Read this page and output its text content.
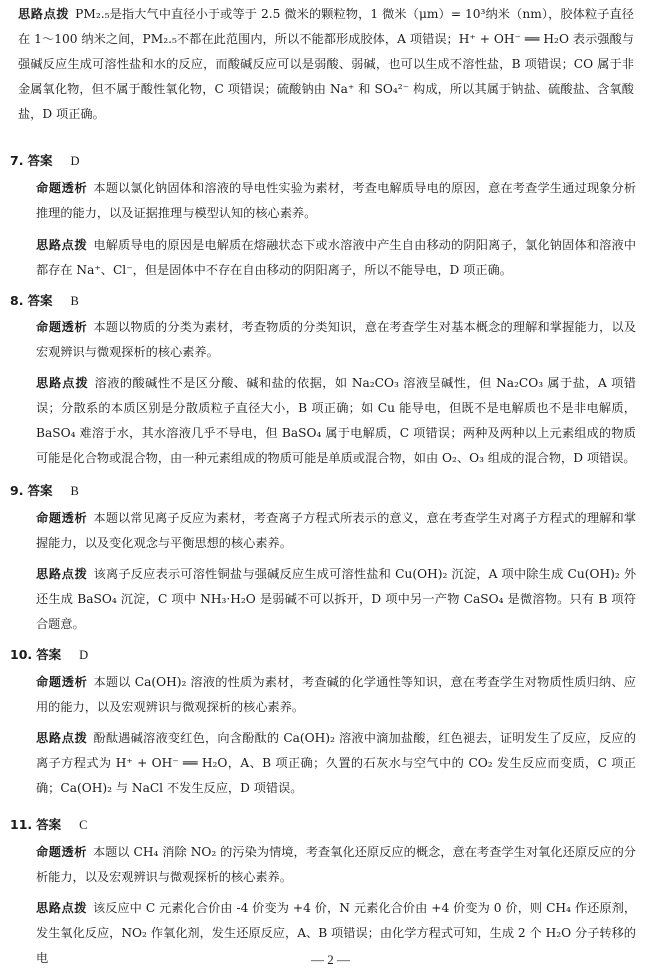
思路点拨 PM₂.₅是指大气中直径小于或等于 2.5 微米的颗粒物，1 微米（μm）= 10³纳米（nm），胶体粒子直径在 1～100 纳米之间，PM₂.₅不都在此范围内，所以不能都形成胶体，A 项错误；H⁺ + OH⁻ ══ H₂O 表示强酸与强碱反应生成可溶性盐和水的反应，而酸碱反应可以是弱酸、弱碱，也可以生成不溶性盐，B 项错误；CO 属于非金属氧化物，但不属于酸性氧化物，C 项错误；硫酸钠由 Na⁺ 和 SO₄²⁻ 构成，所以其属于钠盐、硫酸盐、含氧酸盐，D 项正确。

7. 答案 D

命题透析 本题以氯化钠固体和溶液的导电性实验为素材，考查电解质导电的原因，意在考查学生通过现象分析推理的能力，以及证据推理与模型认知的核心素养。

思路点拨 电解质导电的原因是电解质在熔融状态下或水溶液中产生自由移动的阴阳离子，氯化钠固体和溶液中都存在 Na⁺、Cl⁻，但是固体中不存在自由移动的阴阳离子，所以不能导电，D 项正确。

8. 答案 B

命题透析 本题以物质的分类为素材，考查物质的分类知识，意在考查学生对基本概念的理解和掌握能力，以及宏观辨识与微观探析的核心素养。

思路点拨 溶液的酸碱性不是区分酸、碱和盐的依据，如 Na₂CO₃ 溶液呈碱性，但 Na₂CO₃ 属于盐，A 项错误；分散系的本质区别是分散质粒子直径大小，B 项正确；如 Cu 能导电，但既不是电解质也不是非电解质，BaSO₄ 难溶于水，其水溶液几乎不导电，但 BaSO₄ 属于电解质，C 项错误；两种及两种以上元素组成的物质可能是化合物或混合物，由一种元素组成的物质可能是单质或混合物，如由 O₂、O₃ 组成的混合物，D 项错误。

9. 答案 B

命题透析 本题以常见离子反应为素材，考查离子方程式所表示的意义，意在考查学生对离子方程式的理解和掌握能力，以及变化观念与平衡思想的核心素养。

思路点拨 该离子反应表示可溶性铜盐与强碱反应生成可溶性盐和 Cu(OH)₂ 沉淀，A 项中除生成 Cu(OH)₂ 外还生成 BaSO₄ 沉淀，C 项中 NH₃·H₂O 是弱碱不可以拆开，D 项中另一产物 CaSO₄ 是微溶物。只有 B 项符合题意。

10. 答案 D

命题透析 本题以 Ca(OH)₂ 溶液的性质为素材，考查碱的化学通性等知识，意在考查学生对物质性质归纳、应用的能力，以及宏观辨识与微观探析的核心素养。

思路点拨 酚酞遇碱溶液变红色，向含酚酞的 Ca(OH)₂ 溶液中滴加盐酸，红色褪去，证明发生了反应，反应的离子方程式为 H⁺ + OH⁻ ══ H₂O，A、B 项正确；久置的石灰水与空气中的 CO₂ 发生反应而变质，C 项正确；Ca(OH)₂ 与 NaCl 不发生反应，D 项错误。

11. 答案 C

命题透析 本题以 CH₄ 消除 NO₂ 的污染为情境，考查氧化还原反应的概念，意在考查学生对氧化还原反应的分析能力，以及宏观辨识与微观探析的核心素养。

思路点拨 该反应中 C 元素化合价由 -4 价变为 +4 价，N 元素化合价由 +4 价变为 0 价，则 CH₄ 作还原剂，发生氧化反应，NO₂ 作氧化剂，发生还原反应，A、B 项错误；由化学方程式可知，生成 2 个 H₂O 分子转移的电	— 2 —
